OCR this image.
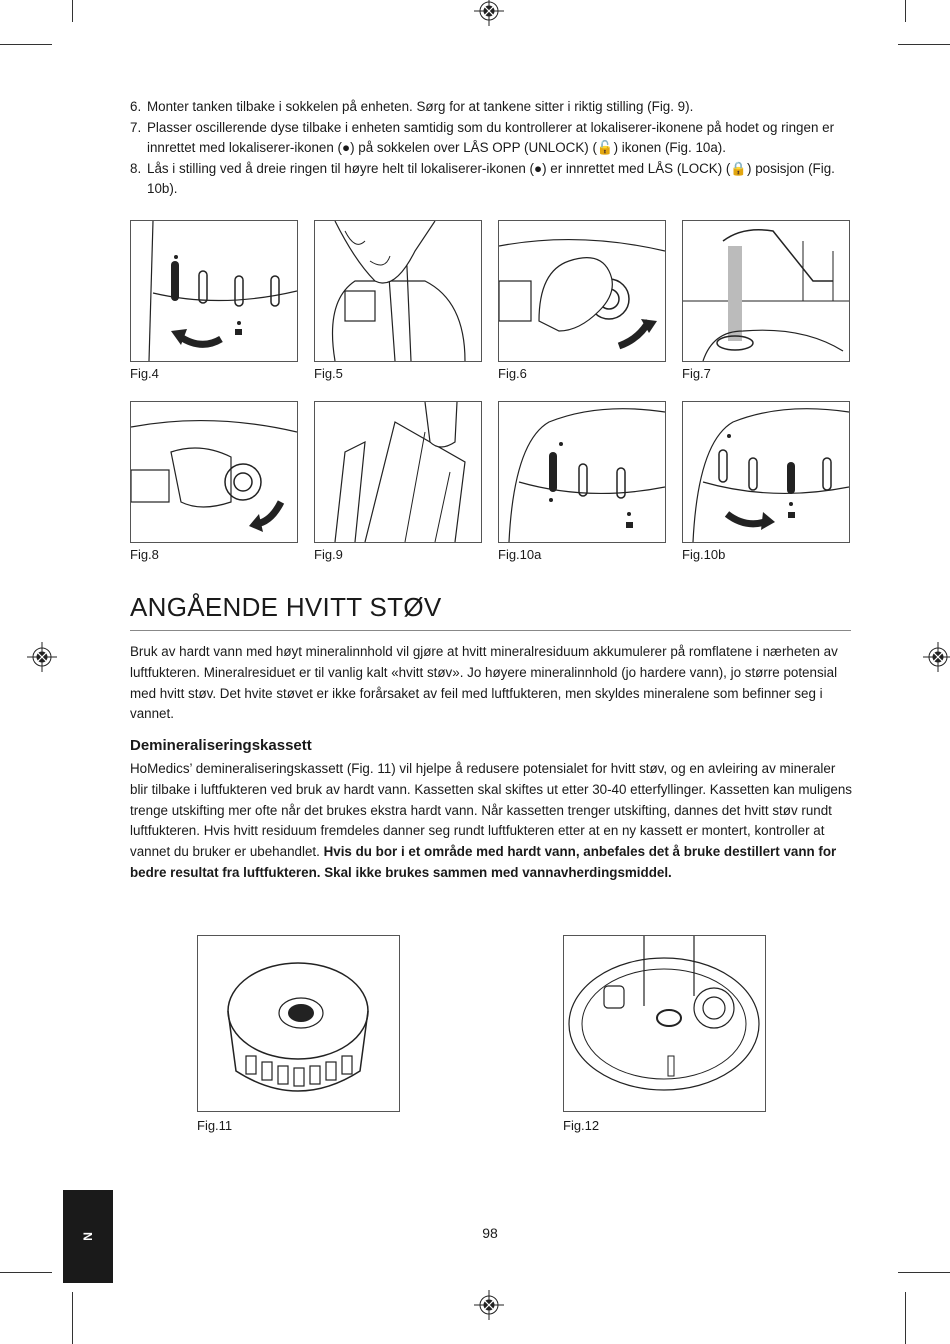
6. Monter tanken tilbake i sokkelen på enheten. Sørg for at tankene sitter i riktig stilling (Fig. 9).
7. Plasser oscillerende dyse tilbake i enheten samtidig som du kontrollerer at lokaliserer-ikonene på hodet og ringen er innrettet med lokaliserer-ikonen (●) på sokkelen over LÅS OPP (UNLOCK) (🔓) ikonen (Fig. 10a).
8. Lås i stilling ved å dreie ringen til høyre helt til lokaliserer-ikonen (●) er innrettet med LÅS (LOCK) (🔒) posisjon (Fig. 10b).
Fig.4	Fig.5	Fig.6	Fig.7
Fig.8	Fig.9	Fig.10a	Fig.10b
ANGÅENDE HVITT STØV

Bruk av hardt vann med høyt mineralinnhold vil gjøre at hvitt mineralresiduum akkumulerer på romflatene i nærheten av luftfukteren. Mineralresiduet er til vanlig kalt «hvitt støv». Jo høyere mineralinnhold (jo hardere vann), jo større potensial med hvitt støv. Det hvite støvet er ikke forårsaket av feil med luftfukteren, men skyldes mineralene som befinner seg i vannet.

Demineraliseringskassett

HoMedics’ demineraliseringskassett (Fig. 11) vil hjelpe å redusere potensialet for hvitt støv, og en avleiring av mineraler blir tilbake i luftfukteren ved bruk av hardt vann. Kassetten skal skiftes ut etter 30-40 etterfyllinger. Kassetten kan muligens trenge utskifting mer ofte når det brukes ekstra hardt vann. Når kassetten trenger utskifting, dannes det hvitt støv rundt luftfukteren. Hvis hvitt residuum fremdeles danner seg rundt luftfukteren etter at en ny kassett er montert, kontroller at vannet du bruker er ubehandlet. Hvis du bor i et område med hardt vann, anbefales det å bruke destillert vann for bedre resultat fra luftfukteren. Skal ikke brukes sammen med vannavherdingsmiddel.

Fig.11	Fig.12
N	98
